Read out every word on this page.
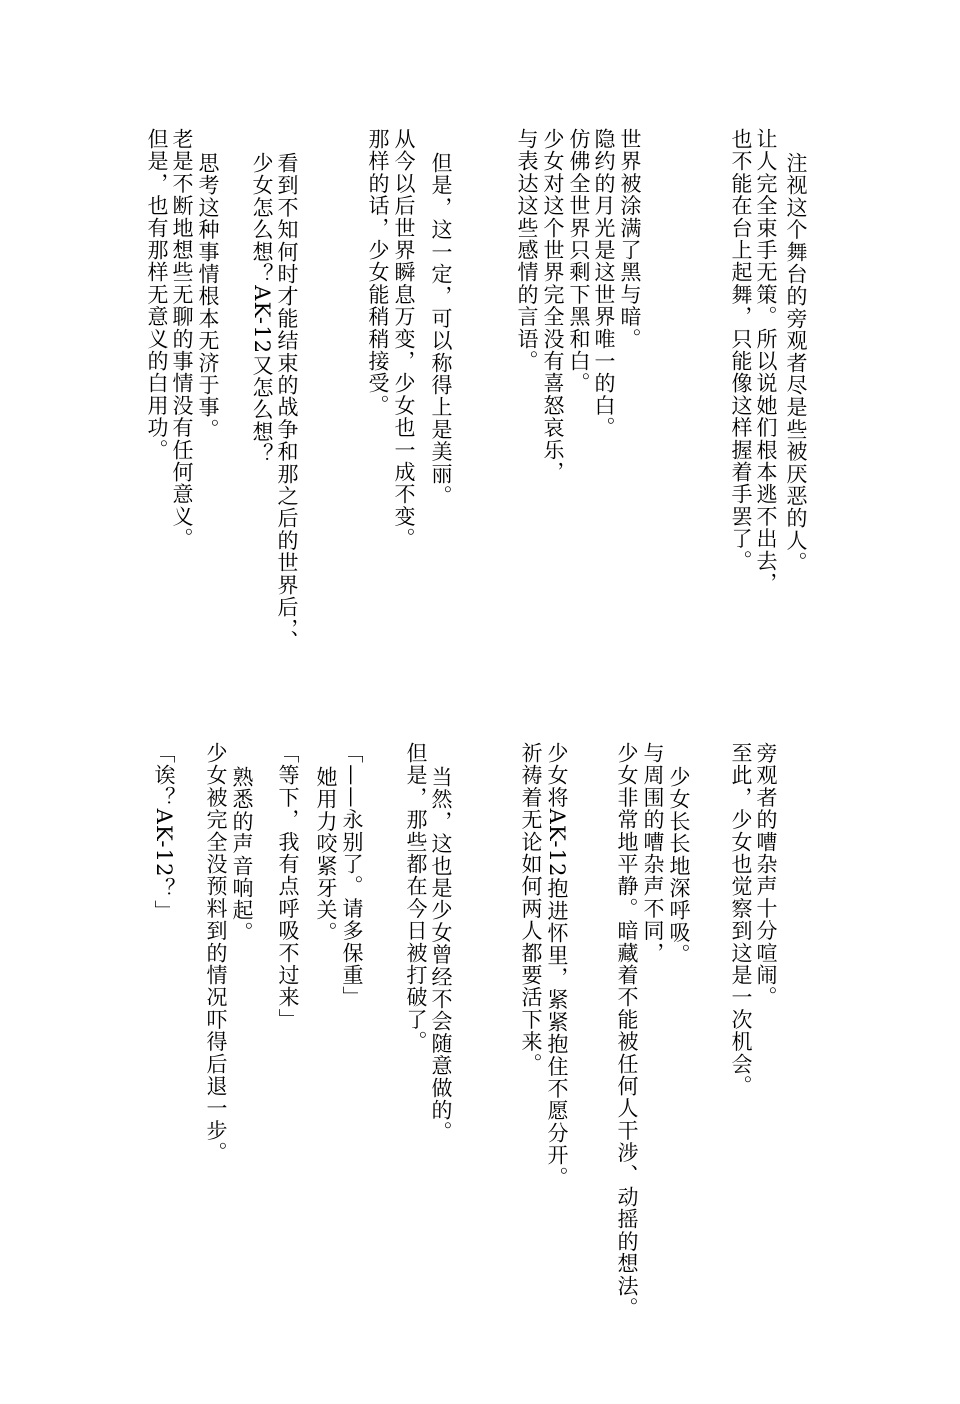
注视这个舞台的旁观者尽是些被厌恶的人。
让人完全束手无策。所以说她们根本逃不出去，
也不能在台上起舞，只能像这样握着手罢了。
世界被涂满了黑与暗。
隐约的月光是这世界唯一的白。
仿佛全世界只剩下黑和白。
少女对这个世界完全没有喜怒哀乐，
与表达这些感情的言语。
但是，这一定，可以称得上是美丽。
从今以后世界瞬息万变，少女也一成不变。
那样的话，少女能稍稍接受。
看到不知何时才能结束的战争和那之后的世界后，、
少女怎么想？AK-12又怎么想？
思考这种事情根本无济于事。
老是不断地想些无聊的事情没有任何意义。
但是，也有那样无意义的白用功。
旁观者的嘈杂声十分喧闹。
至此，少女也觉察到这是一次机会。
少女长长地深呼吸。
与周围的嘈杂声不同，
少女非常地平静。暗藏着不能被任何人干涉、动摇的想法。
少女将AK-12抱进怀里，紧紧抱住不愿分开。
祈祷着无论如何两人都要活下来。
当然，这也是少女曾经不会随意做的。
但是，那些都在今日被打破了。
「——永别了。请多保重」
她用力咬紧牙关。
「等下，我有点呼吸不过来」
熟悉的声音响起。
少女被完全没预料到的情况吓得后退一步。
「诶？AK-12？」
